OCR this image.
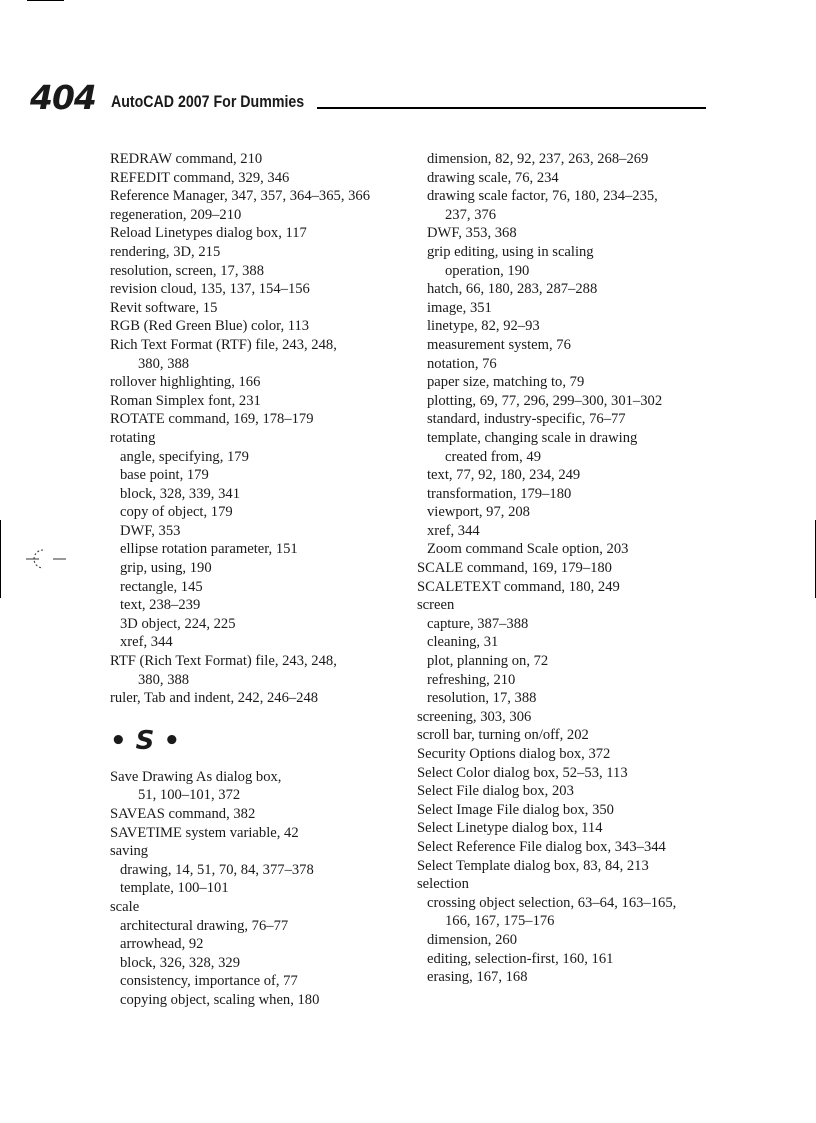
404 AutoCAD 2007 For Dummies
REDRAW command, 210
REFEDIT command, 329, 346
Reference Manager, 347, 357, 364–365, 366
regeneration, 209–210
Reload Linetypes dialog box, 117
rendering, 3D, 215
resolution, screen, 17, 388
revision cloud, 135, 137, 154–156
Revit software, 15
RGB (Red Green Blue) color, 113
Rich Text Format (RTF) file, 243, 248,
380, 388
rollover highlighting, 166
Roman Simplex font, 231
ROTATE command, 169, 178–179
rotating
angle, specifying, 179
base point, 179
block, 328, 339, 341
copy of object, 179
DWF, 353
ellipse rotation parameter, 151
grip, using, 190
rectangle, 145
text, 238–239
3D object, 224, 225
xref, 344
RTF (Rich Text Format) file, 243, 248,
380, 388
ruler, Tab and indent, 242, 246–248
• S •
Save Drawing As dialog box,
51, 100–101, 372
SAVEAS command, 382
SAVETIME system variable, 42
saving
drawing, 14, 51, 70, 84, 377–378
template, 100–101
scale
architectural drawing, 76–77
arrowhead, 92
block, 326, 328, 329
consistency, importance of, 77
copying object, scaling when, 180
dimension, 82, 92, 237, 263, 268–269
drawing scale, 76, 234
drawing scale factor, 76, 180, 234–235,
237, 376
DWF, 353, 368
grip editing, using in scaling
operation, 190
hatch, 66, 180, 283, 287–288
image, 351
linetype, 82, 92–93
measurement system, 76
notation, 76
paper size, matching to, 79
plotting, 69, 77, 296, 299–300, 301–302
standard, industry-specific, 76–77
template, changing scale in drawing
created from, 49
text, 77, 92, 180, 234, 249
transformation, 179–180
viewport, 97, 208
xref, 344
Zoom command Scale option, 203
SCALE command, 169, 179–180
SCALETEXT command, 180, 249
screen
capture, 387–388
cleaning, 31
plot, planning on, 72
refreshing, 210
resolution, 17, 388
screening, 303, 306
scroll bar, turning on/off, 202
Security Options dialog box, 372
Select Color dialog box, 52–53, 113
Select File dialog box, 203
Select Image File dialog box, 350
Select Linetype dialog box, 114
Select Reference File dialog box, 343–344
Select Template dialog box, 83, 84, 213
selection
crossing object selection, 63–64, 163–165,
166, 167, 175–176
dimension, 260
editing, selection-first, 160, 161
erasing, 167, 168
